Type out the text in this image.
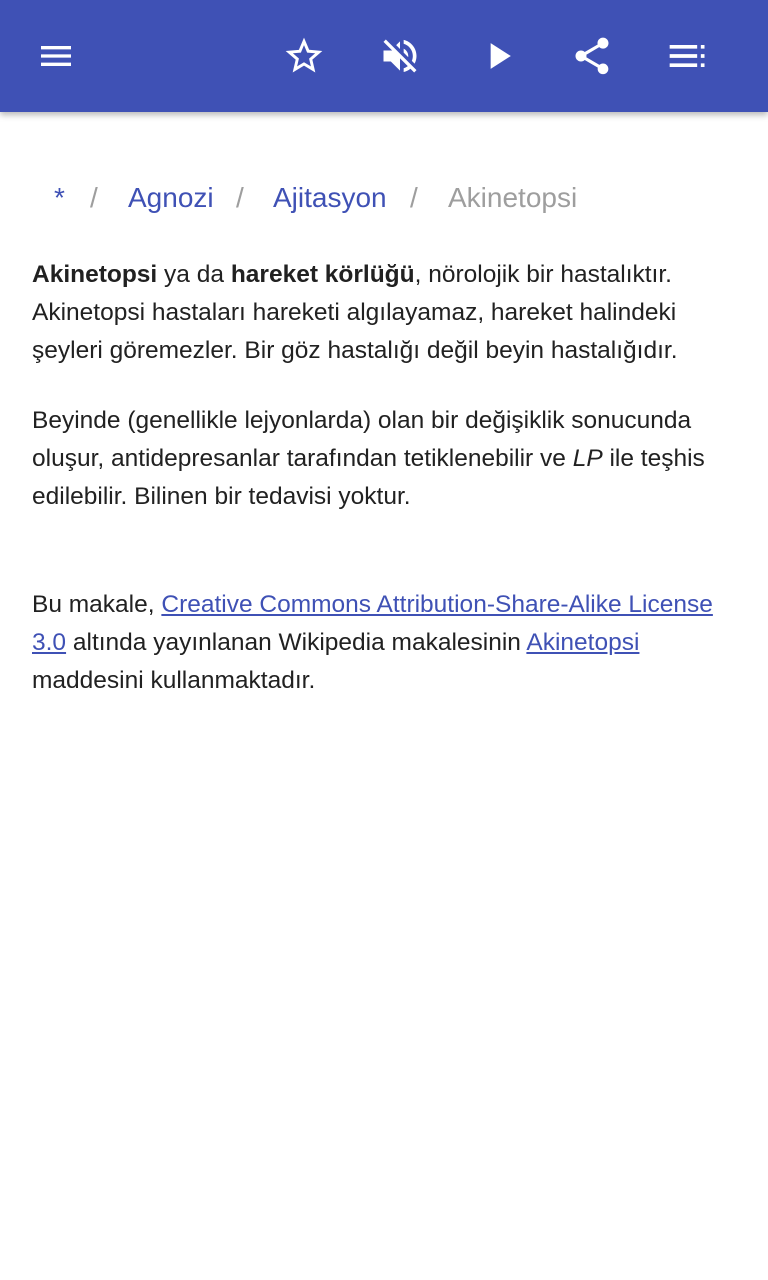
* / Agnozi / Ajitasyon / Akinetopsi

Akinetopsi ya da hareket körlüğü, nörolojik bir hastalıktır. Akinetopsi hastaları hareketi algılayamaz, hareket halindeki şeyleri göremezler. Bir göz hastalığı değil beyin hastalığıdır.

Beyinde (genellikle lejyonlarda) olan bir değişiklik sonucunda oluşur, antidepresanlar tarafından tetiklenebilir ve LP ile teşhis edilebilir. Bilinen bir tedavisi yoktur.

Bu makale, Creative Commons Attribution-Share-Alike License 3.0 altında yayınlanan Wikipedia makalesinin Akinetopsi maddesini kullanmaktadır.
